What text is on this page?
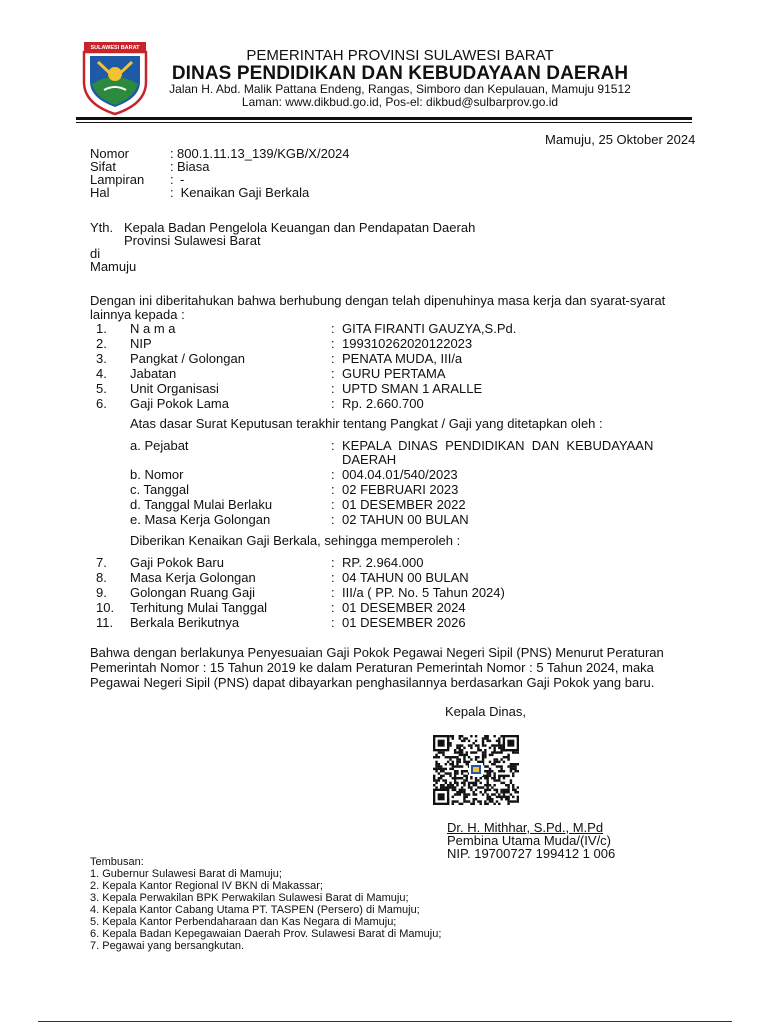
SULAWESI BARAT	PEMERINTAH PROVINSI SULAWESI BARAT
DINAS PENDIDIKAN DAN KEBUDAYAAN DAERAH
Jalan H. Abd. Malik Pattana Endeng, Rangas, Simboro dan Kepulauan, Mamuju 91512
Laman: www.dikbud.go.id, Pos-el: dikbud@sulbarprov.go.id
Mamuju, 25 Oktober 2024
Nomor	: 800.1.11.13_139/KGB/X/2024
Sifat	: Biasa
Lampiran : -
Hal	: Kenaikan Gaji Berkala
Yth. Kepala Badan Pengelola Keuangan dan Pendapatan Daerah
Provinsi Sulawesi Barat
di
Mamuju
Dengan ini diberitahukan bahwa berhubung dengan telah dipenuhinya masa kerja dan syarat-syarat
lainnya kepada :
1. N a m a	: GITA FIRANTI GAUZYA,S.Pd.
2. NIP	: 199310262020122023
3. Pangkat / Golongan	: PENATA MUDA, III/a
4. Jabatan	: GURU PERTAMA
5. Unit Organisasi	: UPTD SMAN 1 ARALLE
6. Gaji Pokok Lama	: Rp. 2.660.700
Atas dasar Surat Keputusan terakhir tentang Pangkat / Gaji yang ditetapkan oleh :
a. Pejabat	: KEPALA  DINAS  PENDIDIKAN  DAN  KEBUDAYAAN
DAERAH
b. Nomor	: 004.04.01/540/2023
c. Tanggal	: 02 FEBRUARI 2023
d. Tanggal Mulai Berlaku	: 01 DESEMBER 2022
e. Masa Kerja Golongan	: 02 TAHUN 00 BULAN
Diberikan Kenaikan Gaji Berkala, sehingga memperoleh :
7. Gaji Pokok Baru	: RP. 2.964.000
8. Masa Kerja Golongan	: 04 TAHUN 00 BULAN
9. Golongan Ruang Gaji	: III/a ( PP. No. 5 Tahun 2024)
10. Terhitung Mulai Tanggal	: 01 DESEMBER 2024
11. Berkala Berikutnya	: 01 DESEMBER 2026
Bahwa dengan berlakunya Penyesuaian Gaji Pokok Pegawai Negeri Sipil (PNS) Menurut Peraturan
Pemerintah Nomor : 15 Tahun 2019 ke dalam Peraturan Pemerintah Nomor : 5 Tahun 2024, maka
Pegawai Negeri Sipil (PNS) dapat dibayarkan penghasilannya berdasarkan Gaji Pokok yang baru.
Kepala Dinas,
Dr. H. Mithhar, S.Pd., M.Pd
Pembina Utama Muda/(IV/c)
NIP. 19700727 199412 1 006
Tembusan:
1. Gubernur Sulawesi Barat di Mamuju;
2. Kepala Kantor Regional IV BKN di Makassar;
3. Kepala Perwakilan BPK Perwakilan Sulawesi Barat di Mamuju;
4. Kepala Kantor Cabang Utama PT. TASPEN (Persero) di Mamuju;
5. Kepala Kantor Perbendaharaan dan Kas Negara di Mamuju;
6. Kepala Badan Kepegawaian Daerah Prov. Sulawesi Barat di Mamuju;
7. Pegawai yang bersangkutan.
